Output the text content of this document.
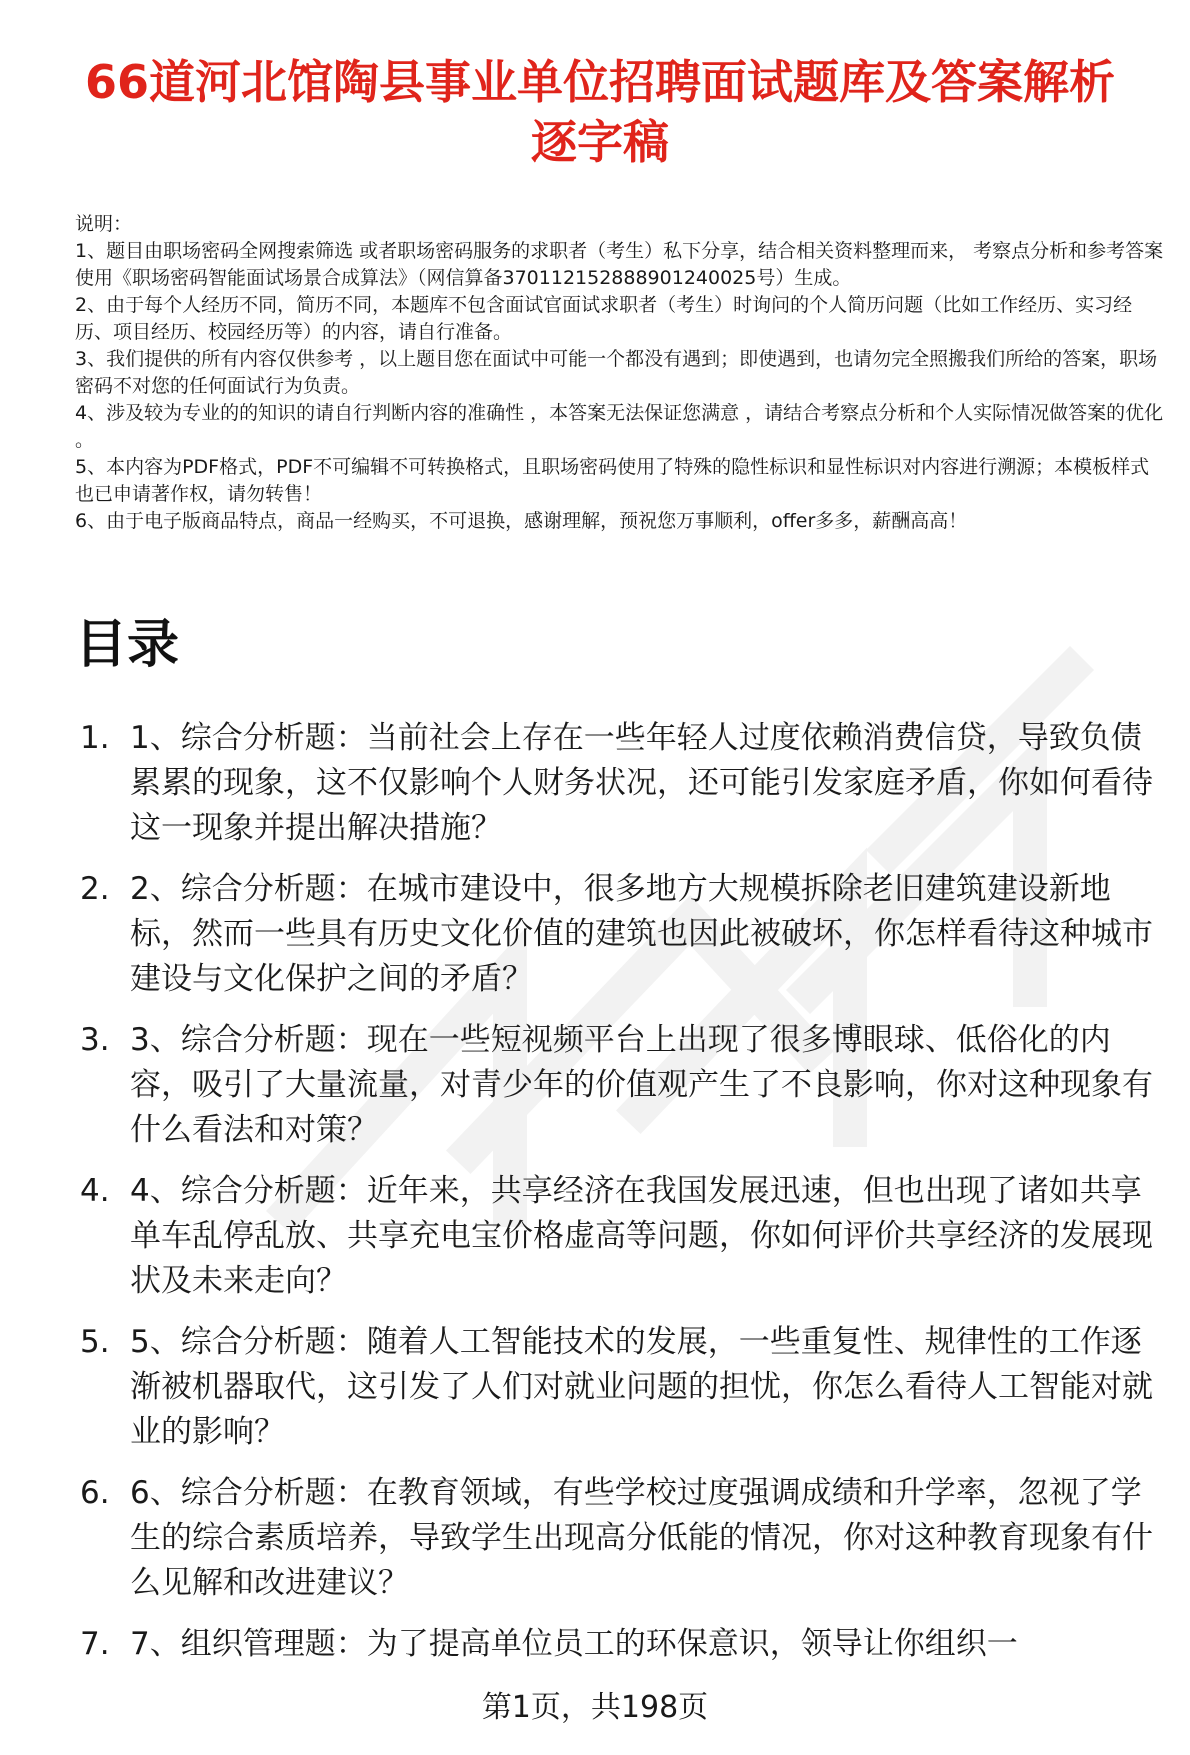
66道河北馆陶县事业单位招聘面试题库及答案解析逐字稿

说明：

1、题目由职场密码全网搜索筛选 或者职场密码服务的求职者（考生）私下分享，结合相关资料整理而来， 考察点分析和参考答案使用《职场密码智能面试场景合成算法》（网信算备370112152888901240025号）生成。

2、由于每个人经历不同，简历不同，本题库不包含面试官面试求职者（考生）时询问的个人简历问题（比如工作经历、实习经历、项目经历、校园经历等）的内容，请自行准备。

3、我们提供的所有内容仅供参考 ，以上题目您在面试中可能一个都没有遇到；即使遇到，也请勿完全照搬我们所给的答案，职场密码不对您的任何面试行为负责。

4、涉及较为专业的的知识的请自行判断内容的准确性 ，本答案无法保证您满意 ，请结合考察点分析和个人实际情况做答案的优化 。

5、本内容为PDF格式，PDF不可编辑不可转换格式，且职场密码使用了特殊的隐性标识和显性标识对内容进行溯源；本模板样式也已申请著作权，请勿转售！

6、由于电子版商品特点，商品一经购买，不可退换，感谢理解，预祝您万事顺利，offer多多，薪酬高高！

目录
1. 1、综合分析题：当前社会上存在一些年轻人过度依赖消费信贷，导致负债累累的现象，这不仅影响个人财务状况，还可能引发家庭矛盾，你如何看待这一现象并提出解决措施？
2. 2、综合分析题：在城市建设中，很多地方大规模拆除老旧建筑建设新地标，然而一些具有历史文化价值的建筑也因此被破坏，你怎样看待这种城市建设与文化保护之间的矛盾？
3. 3、综合分析题：现在一些短视频平台上出现了很多博眼球、低俗化的内容，吸引了大量流量，对青少年的价值观产生了不良影响，你对这种现象有什么看法和对策？
4. 4、综合分析题：近年来，共享经济在我国发展迅速，但也出现了诸如共享单车乱停乱放、共享充电宝价格虚高等问题，你如何评价共享经济的发展现状及未来走向？
5. 5、综合分析题：随着人工智能技术的发展，一些重复性、规律性的工作逐渐被机器取代，这引发了人们对就业问题的担忧，你怎么看待人工智能对就业的影响？
6. 6、综合分析题：在教育领域，有些学校过度强调成绩和升学率，忽视了学生的综合素质培养，导致学生出现高分低能的情况，你对这种教育现象有什么见解和改进建议？
7. 7、组织管理题：为了提高单位员工的环保意识，领导让你组织一
第1页，共198页
